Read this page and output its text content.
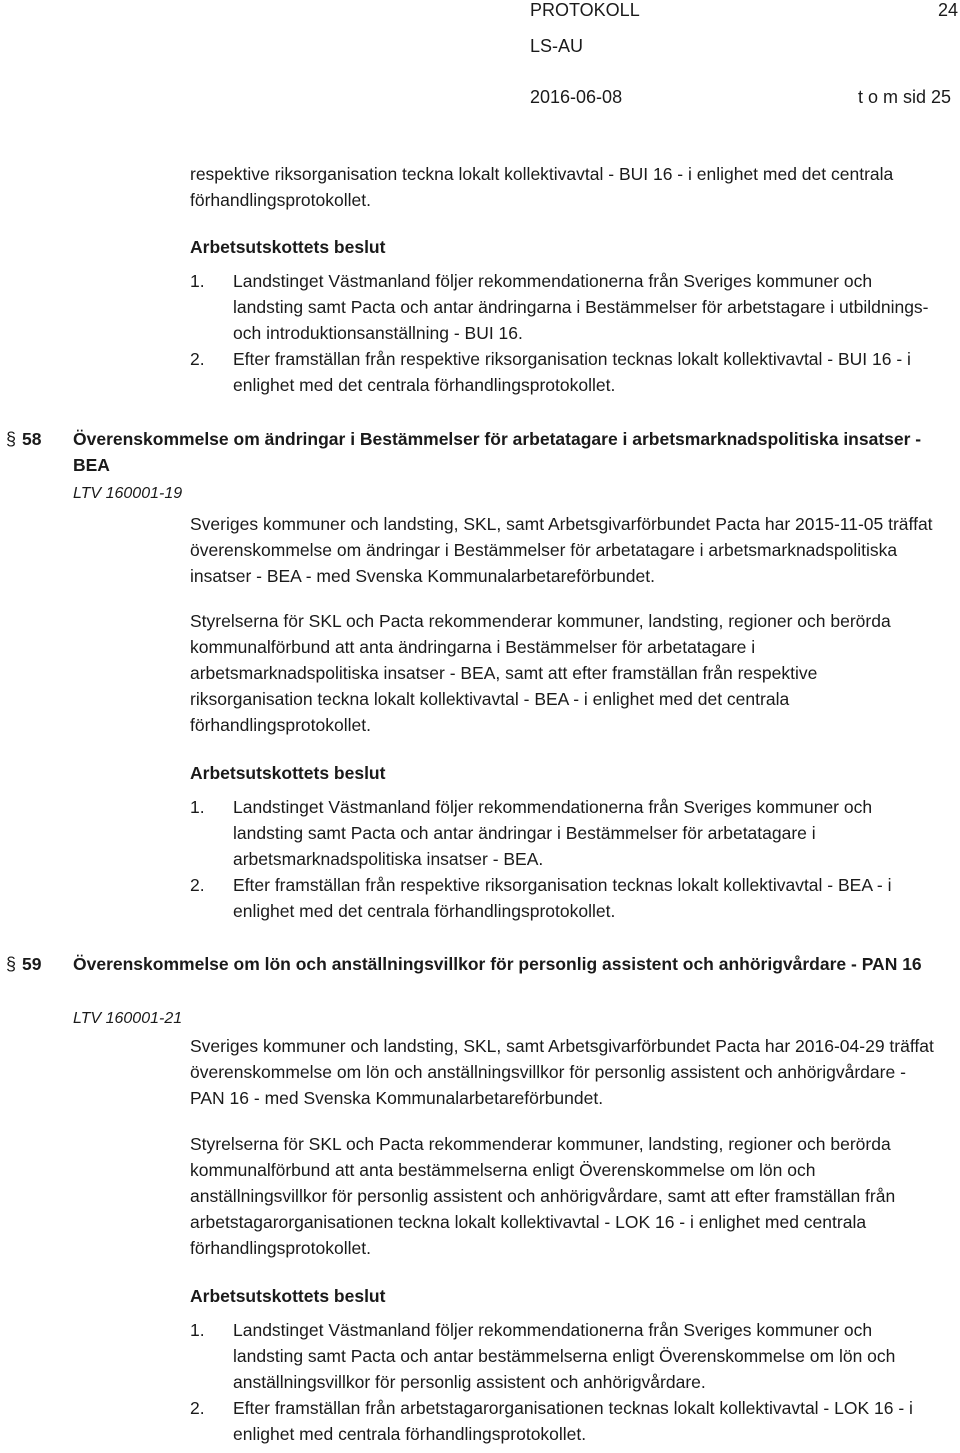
PROTOKOLL	24
LS-AU
2016-06-08	t o m sid 25

respektive riksorganisation teckna lokalt kollektivavtal - BUI 16 - i enlighet med det centrala förhandlingsprotokollet.

Arbetsutskottets beslut
1. Landstinget Västmanland följer rekommendationerna från Sveriges kommuner och landsting samt Pacta och antar ändringarna i Bestämmelser för arbetstagare i utbildnings- och introduktionsanställning - BUI 16.
2. Efter framställan från respektive riksorganisation tecknas lokalt kollektivavtal - BUI 16 - i enlighet med det centrala förhandlingsprotokollet.
§ 58 Överenskommelse om ändringar i Bestämmelser för arbetatagare i arbetsmarknadspolitiska insatser - BEA

LTV 160001-19

Sveriges kommuner och landsting, SKL, samt Arbetsgivarförbundet Pacta har 2015-11-05 träffat överenskommelse om ändringar i Bestämmelser för arbetatagare i arbetsmarknadspolitiska insatser - BEA - med Svenska Kommunalarbetareförbundet.

Styrelserna för SKL och Pacta rekommenderar kommuner, landsting, regioner och berörda kommunalförbund att anta ändringarna i Bestämmelser för arbetatagare i arbetsmarknadspolitiska insatser - BEA, samt att efter framställan från respektive riksorganisation teckna lokalt kollektivavtal - BEA - i enlighet med det centrala förhandlingsprotokollet.

Arbetsutskottets beslut
1. Landstinget Västmanland följer rekommendationerna från Sveriges kommuner och landsting samt Pacta och antar ändringar i Bestämmelser för arbetatagare i arbetsmarknadspolitiska insatser - BEA.
2. Efter framställan från respektive riksorganisation tecknas lokalt kollektivavtal - BEA - i enlighet med det centrala förhandlingsprotokollet.
§ 59 Överenskommelse om lön och anställningsvillkor för personlig assistent och anhörigvårdare - PAN 16

LTV 160001-21

Sveriges kommuner och landsting, SKL, samt Arbetsgivarförbundet Pacta har 2016-04-29 träffat överenskommelse om lön och anställningsvillkor för personlig assistent och anhörigvårdare - PAN 16 - med Svenska Kommunalarbetareförbundet.

Styrelserna för SKL och Pacta rekommenderar kommuner, landsting, regioner och berörda kommunalförbund att anta bestämmelserna enligt Överenskommelse om lön och anställningsvillkor för personlig assistent och anhörigvårdare, samt att efter framställan från arbetstagarorganisationen teckna lokalt kollektivavtal - LOK 16 - i enlighet med centrala förhandlingsprotokollet.

Arbetsutskottets beslut
1. Landstinget Västmanland följer rekommendationerna från Sveriges kommuner och landsting samt Pacta och antar bestämmelserna enligt Överenskommelse om lön och anställningsvillkor för personlig assistent och anhörigvårdare.
2. Efter framställan från arbetstagarorganisationen tecknas lokalt kollektivavtal - LOK 16 - i enlighet med centrala förhandlingsprotokollet.
